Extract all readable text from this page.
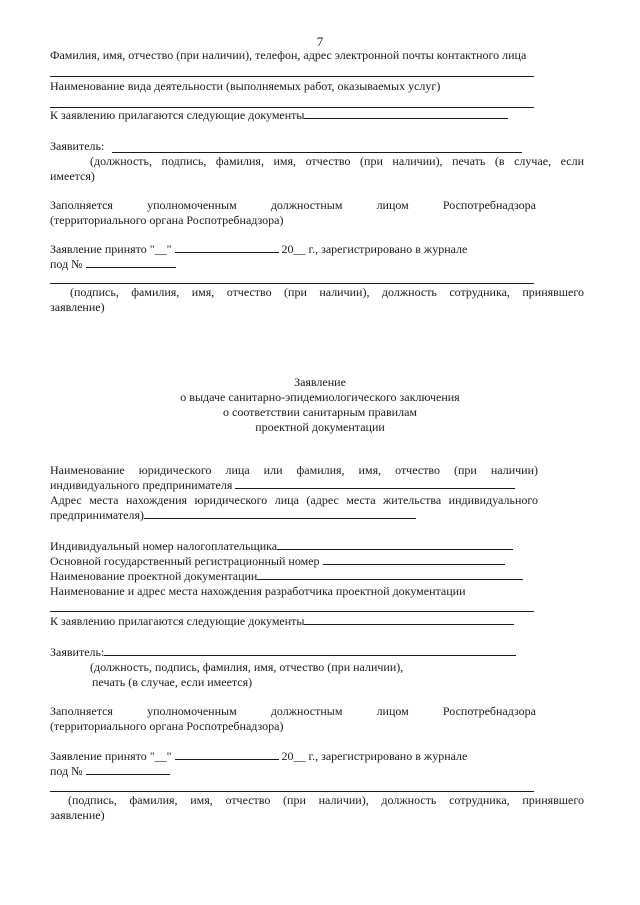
7
Фамилия, имя, отчество (при наличии), телефон, адрес электронной почты контактного лица
Наименование вида деятельности (выполняемых работ, оказываемых услуг)
К заявлению прилагаются следующие документы
Заявитель:
(должность, подпись, фамилия, имя, отчество (при наличии), печать (в случае, если
имеется)
Заполняется уполномоченным должностным лицом Роспотребнадзора
(территориального органа Роспотребнадзора)
Заявление принято "__"	20__ г., зарегистрировано в журнале
под №
(подпись, фамилия, имя, отчество (при наличии), должность сотрудника, принявшего
заявление)
Заявление
о выдаче санитарно-эпидемиологического заключения
о соответствии санитарным правилам
проектной документации
Наименование юридического лица или фамилия, имя, отчество (при наличии)
индивидуального предпринимателя
Адрес места нахождения юридического лица (адрес места жительства индивидуального
предпринимателя)
Индивидуальный номер налогоплательщика
Основной государственный регистрационный номер
Наименование проектной документации
Наименование и адрес места нахождения разработчика проектной документации
К заявлению прилагаются следующие документы
Заявитель:
(должность, подпись, фамилия, имя, отчество (при наличии),
печать (в случае, если имеется)
Заполняется уполномоченным должностным лицом Роспотребнадзора
(территориального органа Роспотребнадзора)
Заявление принято "__"	20__ г., зарегистрировано в журнале
под №
(подпись, фамилия, имя, отчество (при наличии), должность сотрудника, принявшего
заявление)
